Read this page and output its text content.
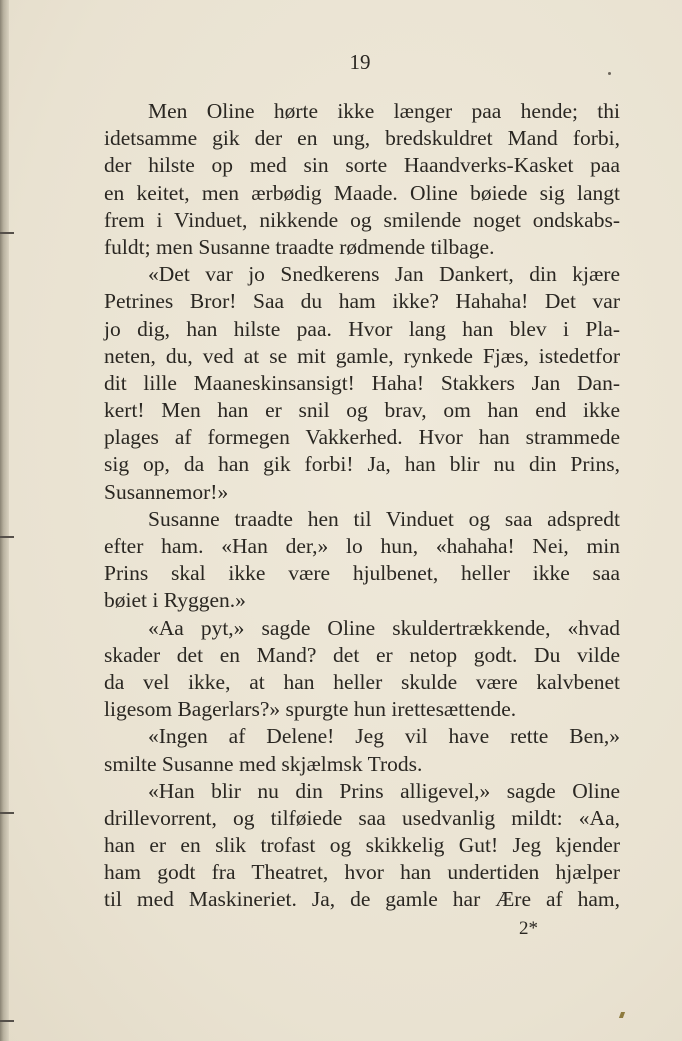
19
Men Oline hørte ikke længer paa hende; thi
idetsamme gik der en ung, bredskuldret Mand forbi,
der hilste op med sin sorte Haandverks-Kasket paa
en keitet, men ærbødig Maade. Oline bøiede sig langt
frem i Vinduet, nikkende og smilende noget ondskabs-
fuldt; men Susanne traadte rødmende tilbage.
«Det var jo Snedkerens Jan Dankert, din kjære
Petrines Bror! Saa du ham ikke? Hahaha! Det var
jo dig, han hilste paa. Hvor lang han blev i Pla-
neten, du, ved at se mit gamle, rynkede Fjæs, istedetfor
dit lille Maaneskinsansigt! Haha! Stakkers Jan Dan-
kert! Men han er snil og brav, om han end ikke
plages af formegen Vakkerhed. Hvor han strammede
sig op, da han gik forbi! Ja, han blir nu din Prins,
Susannemor!»
Susanne traadte hen til Vinduet og saa adspredt
efter ham. «Han der,» lo hun, «hahaha! Nei, min
Prins skal ikke være hjulbenet, heller ikke saa
bøiet i Ryggen.»
«Aa pyt,» sagde Oline skuldertrækkende, «hvad
skader det en Mand? det er netop godt. Du vilde
da vel ikke, at han heller skulde være kalvbenet
ligesom Bagerlars?» spurgte hun irettesættende.
«Ingen af Delene! Jeg vil have rette Ben,»
smilte Susanne med skjælmsk Trods.
«Han blir nu din Prins alligevel,» sagde Oline
drillevorrent, og tilføiede saa usedvanlig mildt: «Aa,
han er en slik trofast og skikkelig Gut! Jeg kjender
ham godt fra Theatret, hvor han undertiden hjælper
til med Maskineriet. Ja, de gamle har Ære af ham,
2*
